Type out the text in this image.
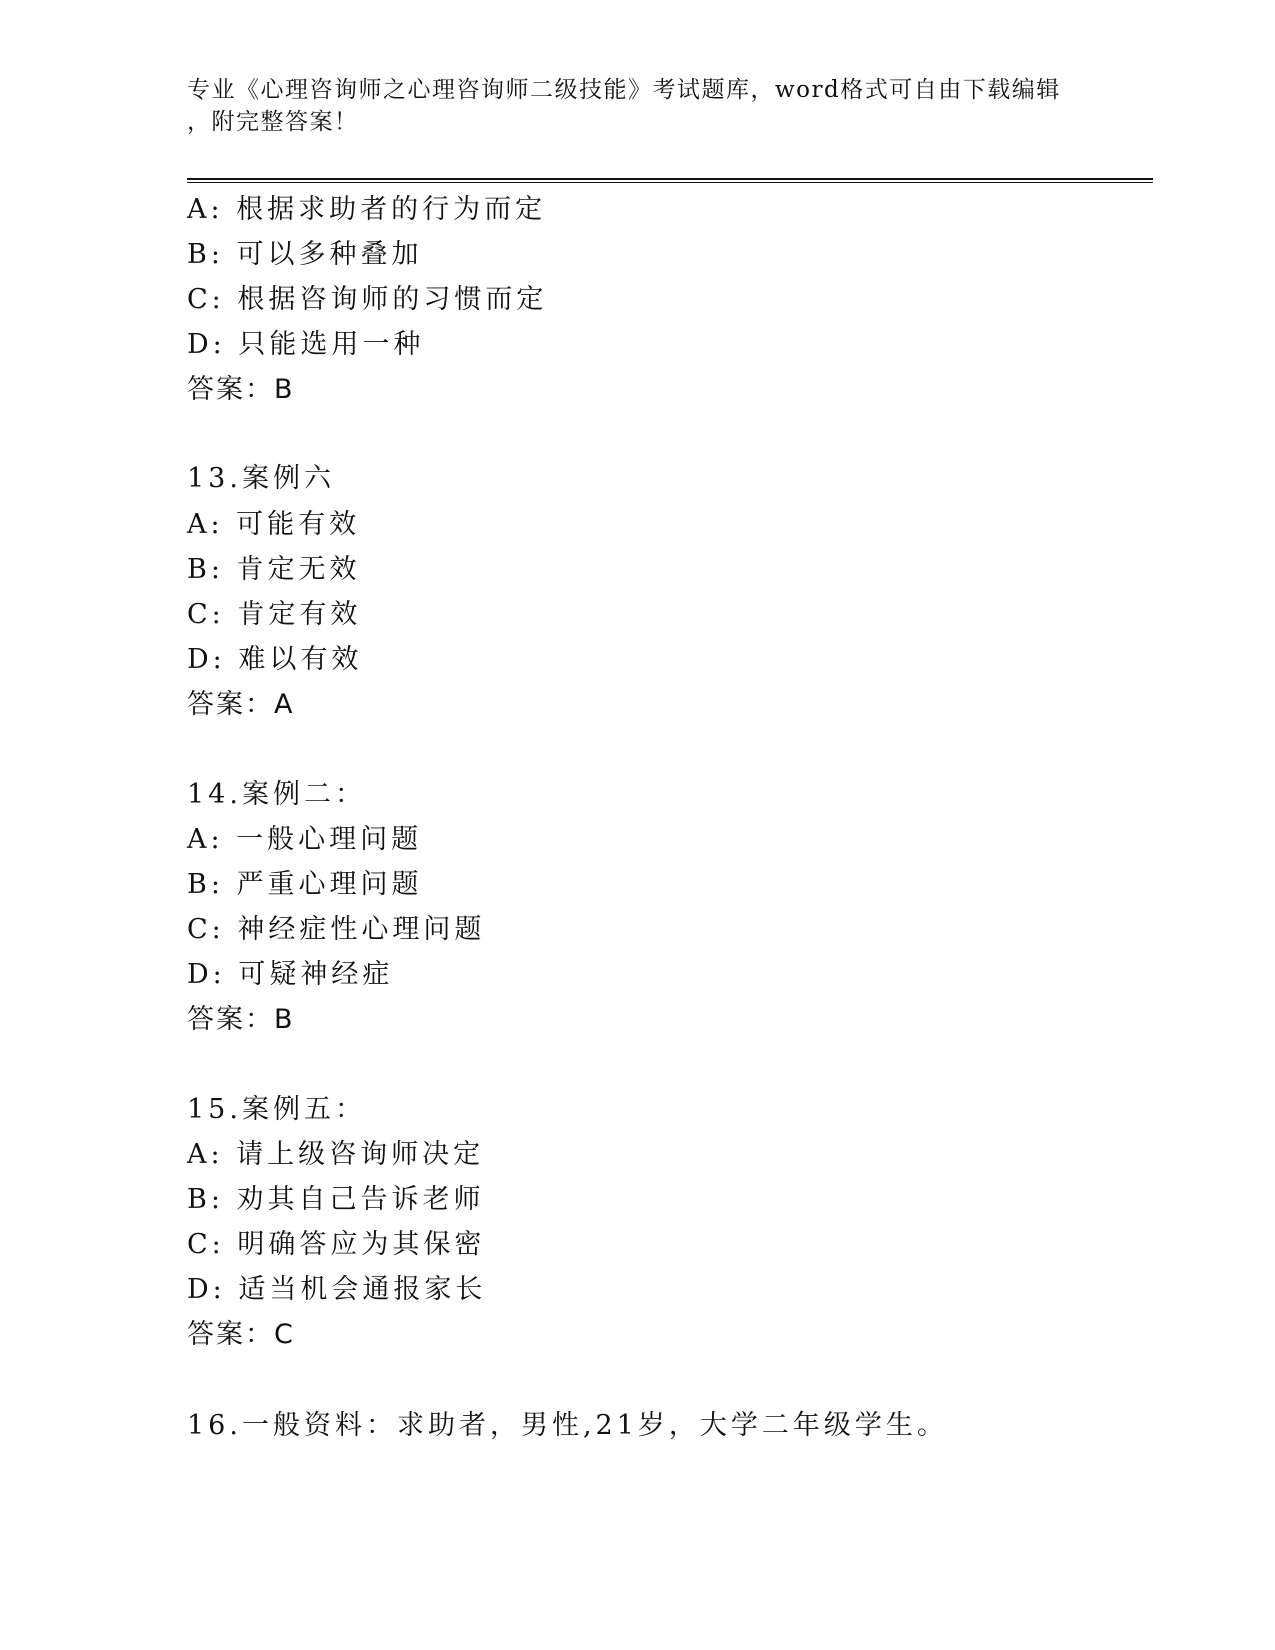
专业《心理咨询师之心理咨询师二级技能》考试题库，word格式可自由下载编辑
，附完整答案！
A: 根据求助者的行为而定
B: 可以多种叠加
C: 根据咨询师的习惯而定
D: 只能选用一种
答案：B
13.案例六
A: 可能有效
B: 肯定无效
C: 肯定有效
D: 难以有效
答案：A
14.案例二：
A: 一般心理问题
B: 严重心理问题
C: 神经症性心理问题
D: 可疑神经症
答案：B
15.案例五：
A: 请上级咨询师决定
B: 劝其自己告诉老师
C: 明确答应为其保密
D: 适当机会通报家长
答案：C
16.一般资料：求助者，男性,21岁，大学二年级学生。
